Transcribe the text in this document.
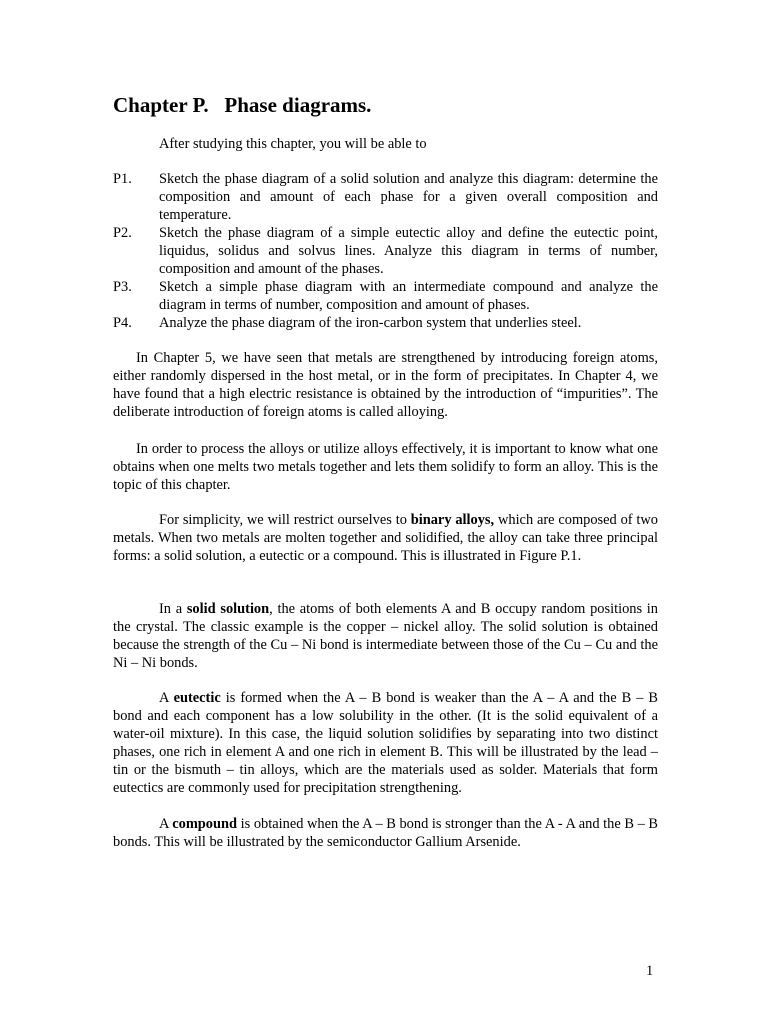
Chapter P.   Phase diagrams.

After studying this chapter, you will be able to

P1.	Sketch the phase diagram of a solid solution and analyze this diagram: determine the composition and amount of each phase for a given overall composition and temperature.
P2.	Sketch the phase diagram of a simple eutectic alloy and define the eutectic point, liquidus, solidus and solvus lines. Analyze this diagram in terms of number, composition and amount of the phases.
P3.	Sketch a simple phase diagram with an intermediate compound and analyze the diagram in terms of number, composition and amount of phases.
P4.	Analyze the phase diagram of the iron-carbon system that underlies steel.

In Chapter 5, we have seen that metals are strengthened by introducing foreign atoms, either randomly dispersed in the host metal, or in the form of precipitates. In Chapter 4, we have found that a high electric resistance is obtained by the introduction of “impurities”. The deliberate introduction of foreign atoms is called alloying.

In order to process the alloys or utilize alloys effectively, it is important to know what one obtains when one melts two metals together and lets them solidify to form an alloy. This is the topic of this chapter.

For simplicity, we will restrict ourselves to binary alloys, which are composed of two metals. When two metals are molten together and solidified, the alloy can take three principal forms: a solid solution, a eutectic or a compound. This is illustrated in Figure P.1.

In a solid solution, the atoms of both elements A and B occupy random positions in the crystal. The classic example is the copper – nickel alloy. The solid solution is obtained because the strength of the Cu – Ni bond is intermediate between those of the Cu – Cu and the Ni – Ni bonds.

A eutectic is formed when the A – B bond is weaker than the A – A and the B – B bond and each component has a low solubility in the other. (It is the solid equivalent of a water-oil mixture). In this case, the liquid solution solidifies by separating into two distinct phases, one rich in element A and one rich in element B. This will be illustrated by the lead – tin or the bismuth – tin alloys, which are the materials used as solder. Materials that form eutectics are commonly used for precipitation strengthening.

A compound is obtained when the A – B bond is stronger than the A - A and the B – B bonds. This will be illustrated by the semiconductor Gallium Arsenide.

1
